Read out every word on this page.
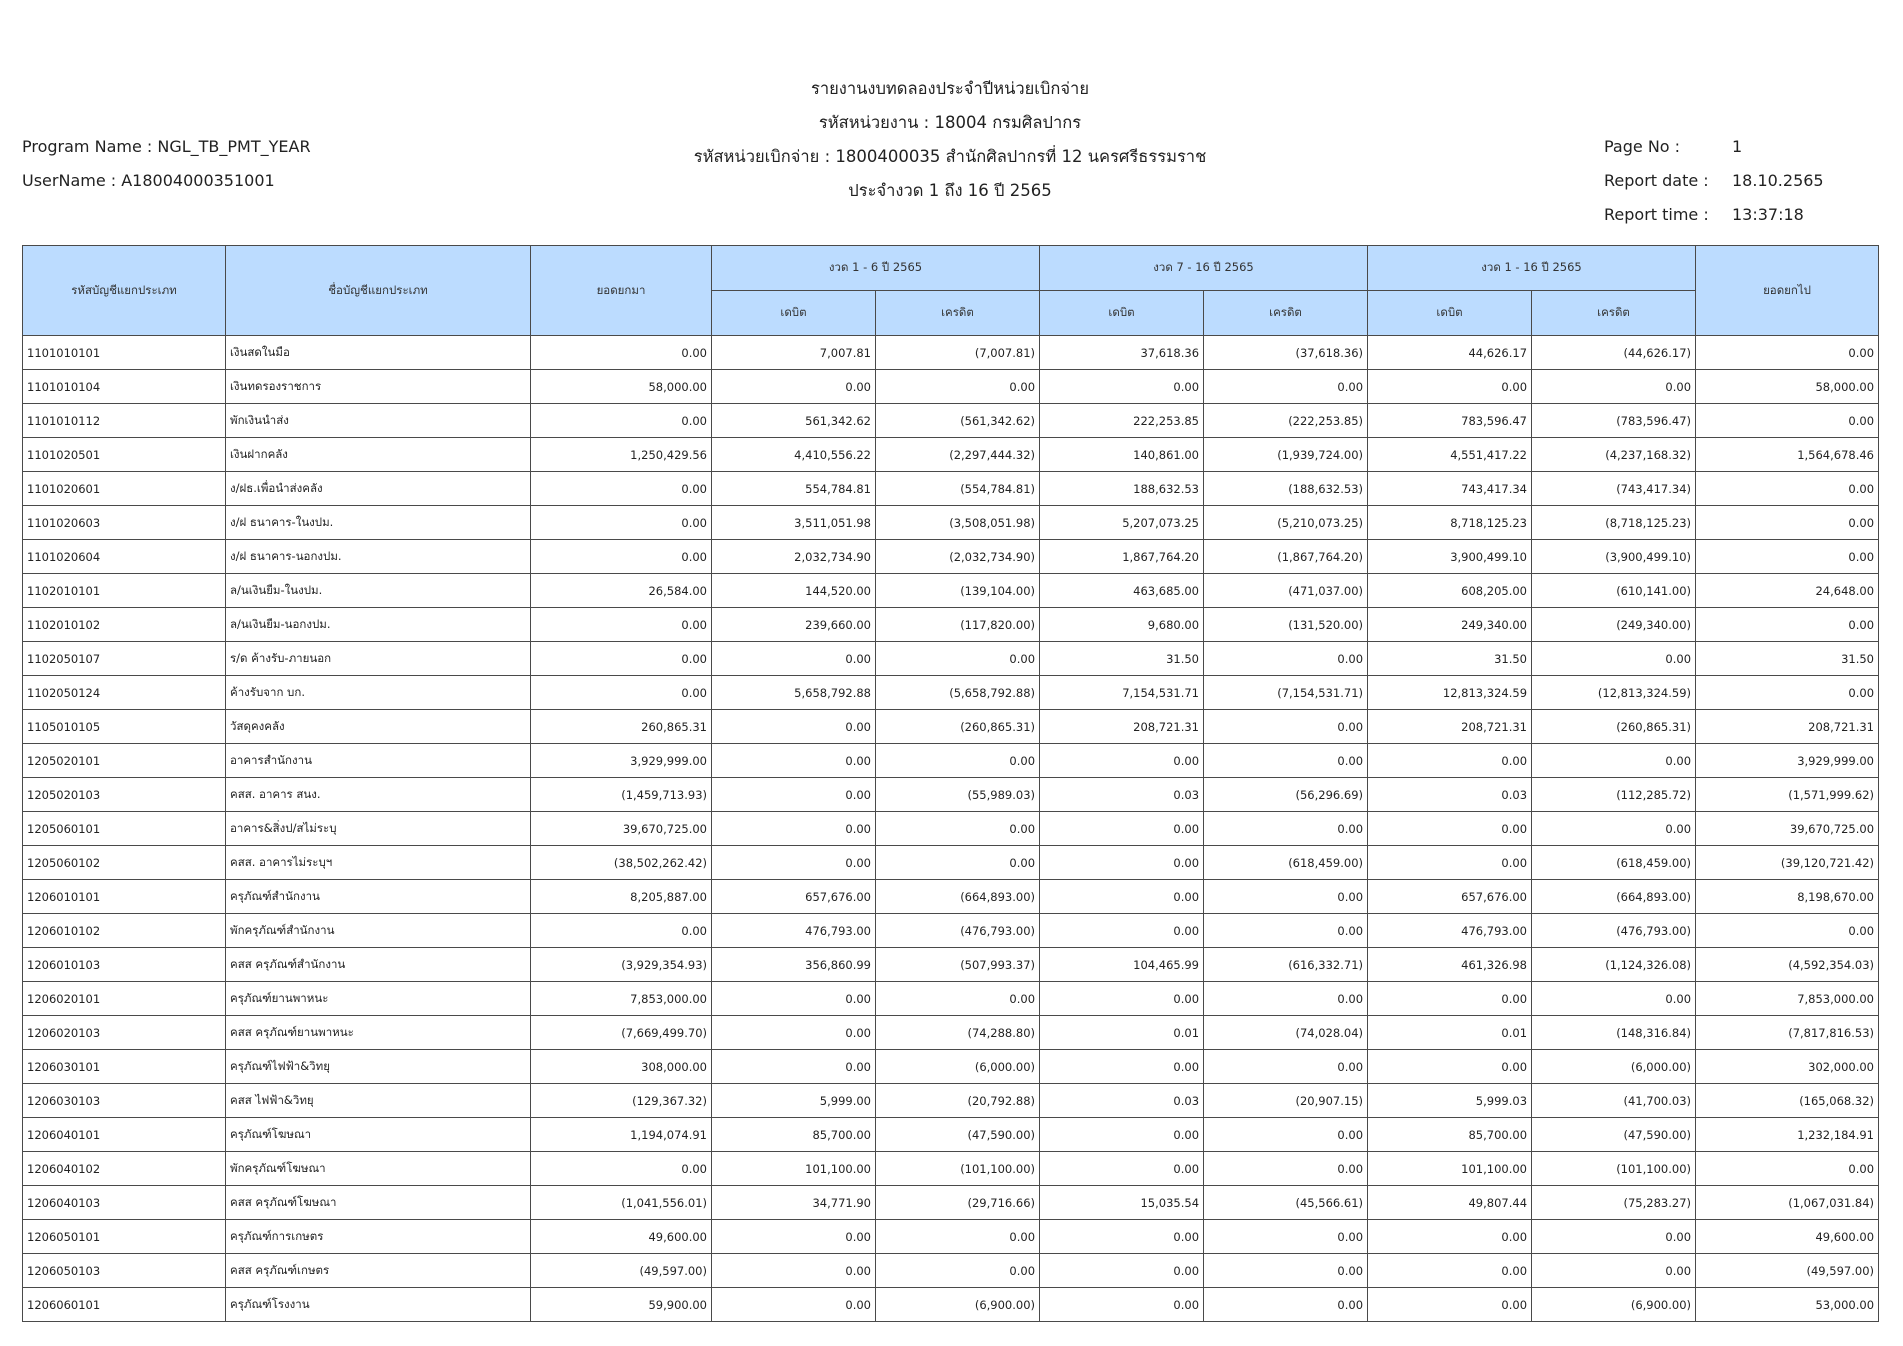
Program Name : NGL_TB_PMT_YEAR
UserName : A18004000351001
รายงานงบทดลองประจำปีหน่วยเบิกจ่าย
รหัสหน่วยงาน : 18004 กรมศิลปากร
รหัสหน่วยเบิกจ่าย : 1800400035 สำนักศิลปากรที่ 12 นครศรีธรรมราช
ประจำงวด 1 ถึง 16 ปี 2565
Page No :	1
Report date :	18.10.2565
Report time :	13:37:18
รหัสบัญชีแยกประเภท	ชื่อบัญชีแยกประเภท	ยอดยกมา	งวด 1 - 6 ปี 2565		งวด 7 - 16 ปี 2565		งวด 1 - 16 ปี 2565		ยอดยกไป
			เดบิต	เครดิต	เดบิต	เครดิต	เดบิต	เครดิต	
1101010101	เงินสดในมือ	0.00	7,007.81	(7,007.81)	37,618.36	(37,618.36)	44,626.17	(44,626.17)	0.00
1101010104	เงินทดรองราชการ	58,000.00	0.00	0.00	0.00	0.00	0.00	0.00	58,000.00
1101010112	พักเงินนำส่ง	0.00	561,342.62	(561,342.62)	222,253.85	(222,253.85)	783,596.47	(783,596.47)	0.00
1101020501	เงินฝากคลัง	1,250,429.56	4,410,556.22	(2,297,444.32)	140,861.00	(1,939,724.00)	4,551,417.22	(4,237,168.32)	1,564,678.46
1101020601	ง/ฝธ.เพื่อนำส่งคลัง	0.00	554,784.81	(554,784.81)	188,632.53	(188,632.53)	743,417.34	(743,417.34)	0.00
1101020603	ง/ฝ ธนาคาร-ในงปม.	0.00	3,511,051.98	(3,508,051.98)	5,207,073.25	(5,210,073.25)	8,718,125.23	(8,718,125.23)	0.00
1101020604	ง/ฝ ธนาคาร-นอกงปม.	0.00	2,032,734.90	(2,032,734.90)	1,867,764.20	(1,867,764.20)	3,900,499.10	(3,900,499.10)	0.00
1102010101	ล/นเงินยืม-ในงปม.	26,584.00	144,520.00	(139,104.00)	463,685.00	(471,037.00)	608,205.00	(610,141.00)	24,648.00
1102010102	ล/นเงินยืม-นอกงปม.	0.00	239,660.00	(117,820.00)	9,680.00	(131,520.00)	249,340.00	(249,340.00)	0.00
1102050107	ร/ด ค้างรับ-ภายนอก	0.00	0.00	0.00	31.50	0.00	31.50	0.00	31.50
1102050124	ค้างรับจาก บก.	0.00	5,658,792.88	(5,658,792.88)	7,154,531.71	(7,154,531.71)	12,813,324.59	(12,813,324.59)	0.00
1105010105	วัสดุคงคลัง	260,865.31	0.00	(260,865.31)	208,721.31	0.00	208,721.31	(260,865.31)	208,721.31
1205020101	อาคารสำนักงาน	3,929,999.00	0.00	0.00	0.00	0.00	0.00	0.00	3,929,999.00
1205020103	คสส. อาคาร สนง.	(1,459,713.93)	0.00	(55,989.03)	0.03	(56,296.69)	0.03	(112,285.72)	(1,571,999.62)
1205060101	อาคาร&สิ่งป/สไม่ระบุ	39,670,725.00	0.00	0.00	0.00	0.00	0.00	0.00	39,670,725.00
1205060102	คสส. อาคารไม่ระบุฯ	(38,502,262.42)	0.00	0.00	0.00	(618,459.00)	0.00	(618,459.00)	(39,120,721.42)
1206010101	ครุภัณฑ์สำนักงาน	8,205,887.00	657,676.00	(664,893.00)	0.00	0.00	657,676.00	(664,893.00)	8,198,670.00
1206010102	พักครุภัณฑ์สำนักงาน	0.00	476,793.00	(476,793.00)	0.00	0.00	476,793.00	(476,793.00)	0.00
1206010103	คสส ครุภัณฑ์สำนักงาน	(3,929,354.93)	356,860.99	(507,993.37)	104,465.99	(616,332.71)	461,326.98	(1,124,326.08)	(4,592,354.03)
1206020101	ครุภัณฑ์ยานพาหนะ	7,853,000.00	0.00	0.00	0.00	0.00	0.00	0.00	7,853,000.00
1206020103	คสส ครุภัณฑ์ยานพาหนะ	(7,669,499.70)	0.00	(74,288.80)	0.01	(74,028.04)	0.01	(148,316.84)	(7,817,816.53)
1206030101	ครุภัณฑ์ไฟฟ้า&วิทยุ	308,000.00	0.00	(6,000.00)	0.00	0.00	0.00	(6,000.00)	302,000.00
1206030103	คสส ไฟฟ้า&วิทยุ	(129,367.32)	5,999.00	(20,792.88)	0.03	(20,907.15)	5,999.03	(41,700.03)	(165,068.32)
1206040101	ครุภัณฑ์โฆษณา	1,194,074.91	85,700.00	(47,590.00)	0.00	0.00	85,700.00	(47,590.00)	1,232,184.91
1206040102	พักครุภัณฑ์โฆษณา	0.00	101,100.00	(101,100.00)	0.00	0.00	101,100.00	(101,100.00)	0.00
1206040103	คสส ครุภัณฑ์โฆษณา	(1,041,556.01)	34,771.90	(29,716.66)	15,035.54	(45,566.61)	49,807.44	(75,283.27)	(1,067,031.84)
1206050101	ครุภัณฑ์การเกษตร	49,600.00	0.00	0.00	0.00	0.00	0.00	0.00	49,600.00
1206050103	คสส ครุภัณฑ์เกษตร	(49,597.00)	0.00	0.00	0.00	0.00	0.00	0.00	(49,597.00)
1206060101	ครุภัณฑ์โรงงาน	59,900.00	0.00	(6,900.00)	0.00	0.00	0.00	(6,900.00)	53,000.00
